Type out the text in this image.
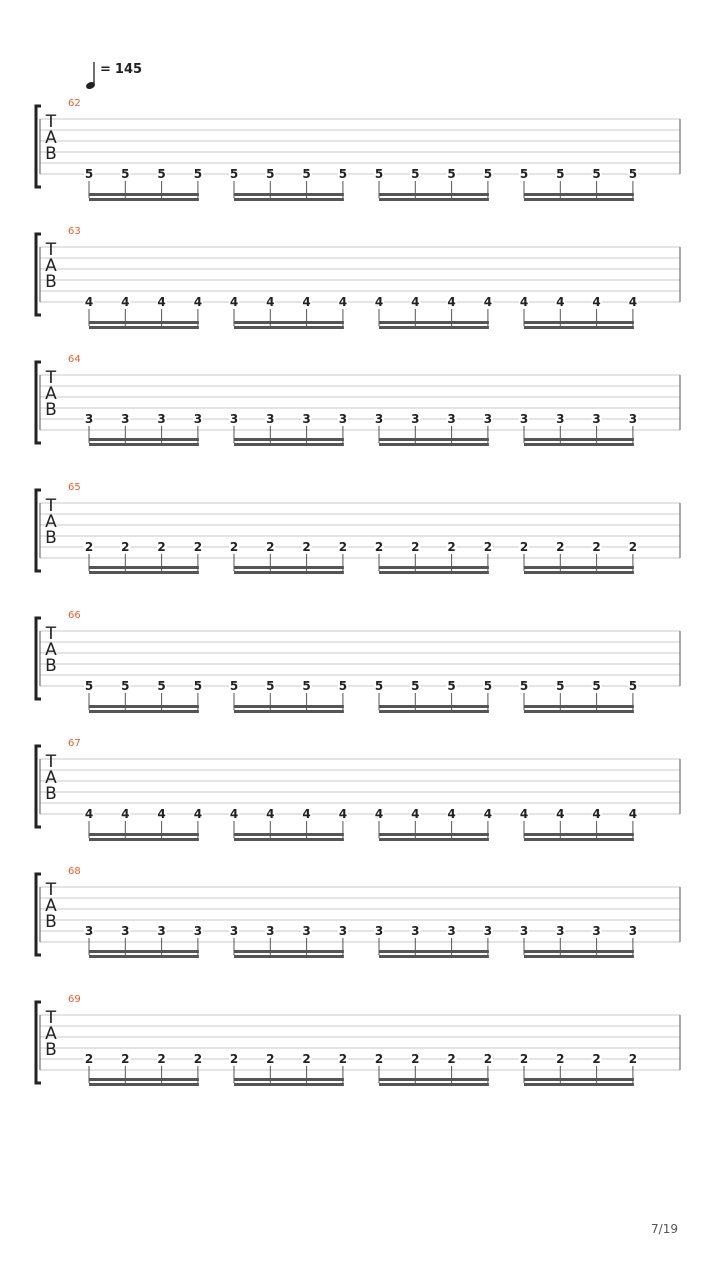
= 145
T
A
B
62
5 5 5 5 5 5 5 5 5 5 5 5 5 5 5 5
T
A
B
63
4 4 4 4 4 4 4 4 4 4 4 4 4 4 4 4
T
A
B
64
3 3 3 3 3 3 3 3 3 3 3 3 3 3 3 3
T
A
B
65
2 2 2 2 2 2 2 2 2 2 2 2 2 2 2 2
T
A
B
66
5 5 5 5 5 5 5 5 5 5 5 5 5 5 5 5
T
A
B
67
4 4 4 4 4 4 4 4 4 4 4 4 4 4 4 4
T
A
B
68
3 3 3 3 3 3 3 3 3 3 3 3 3 3 3 3
T
A
B
69
2 2 2 2 2 2 2 2 2 2 2 2 2 2 2 2
7/19
